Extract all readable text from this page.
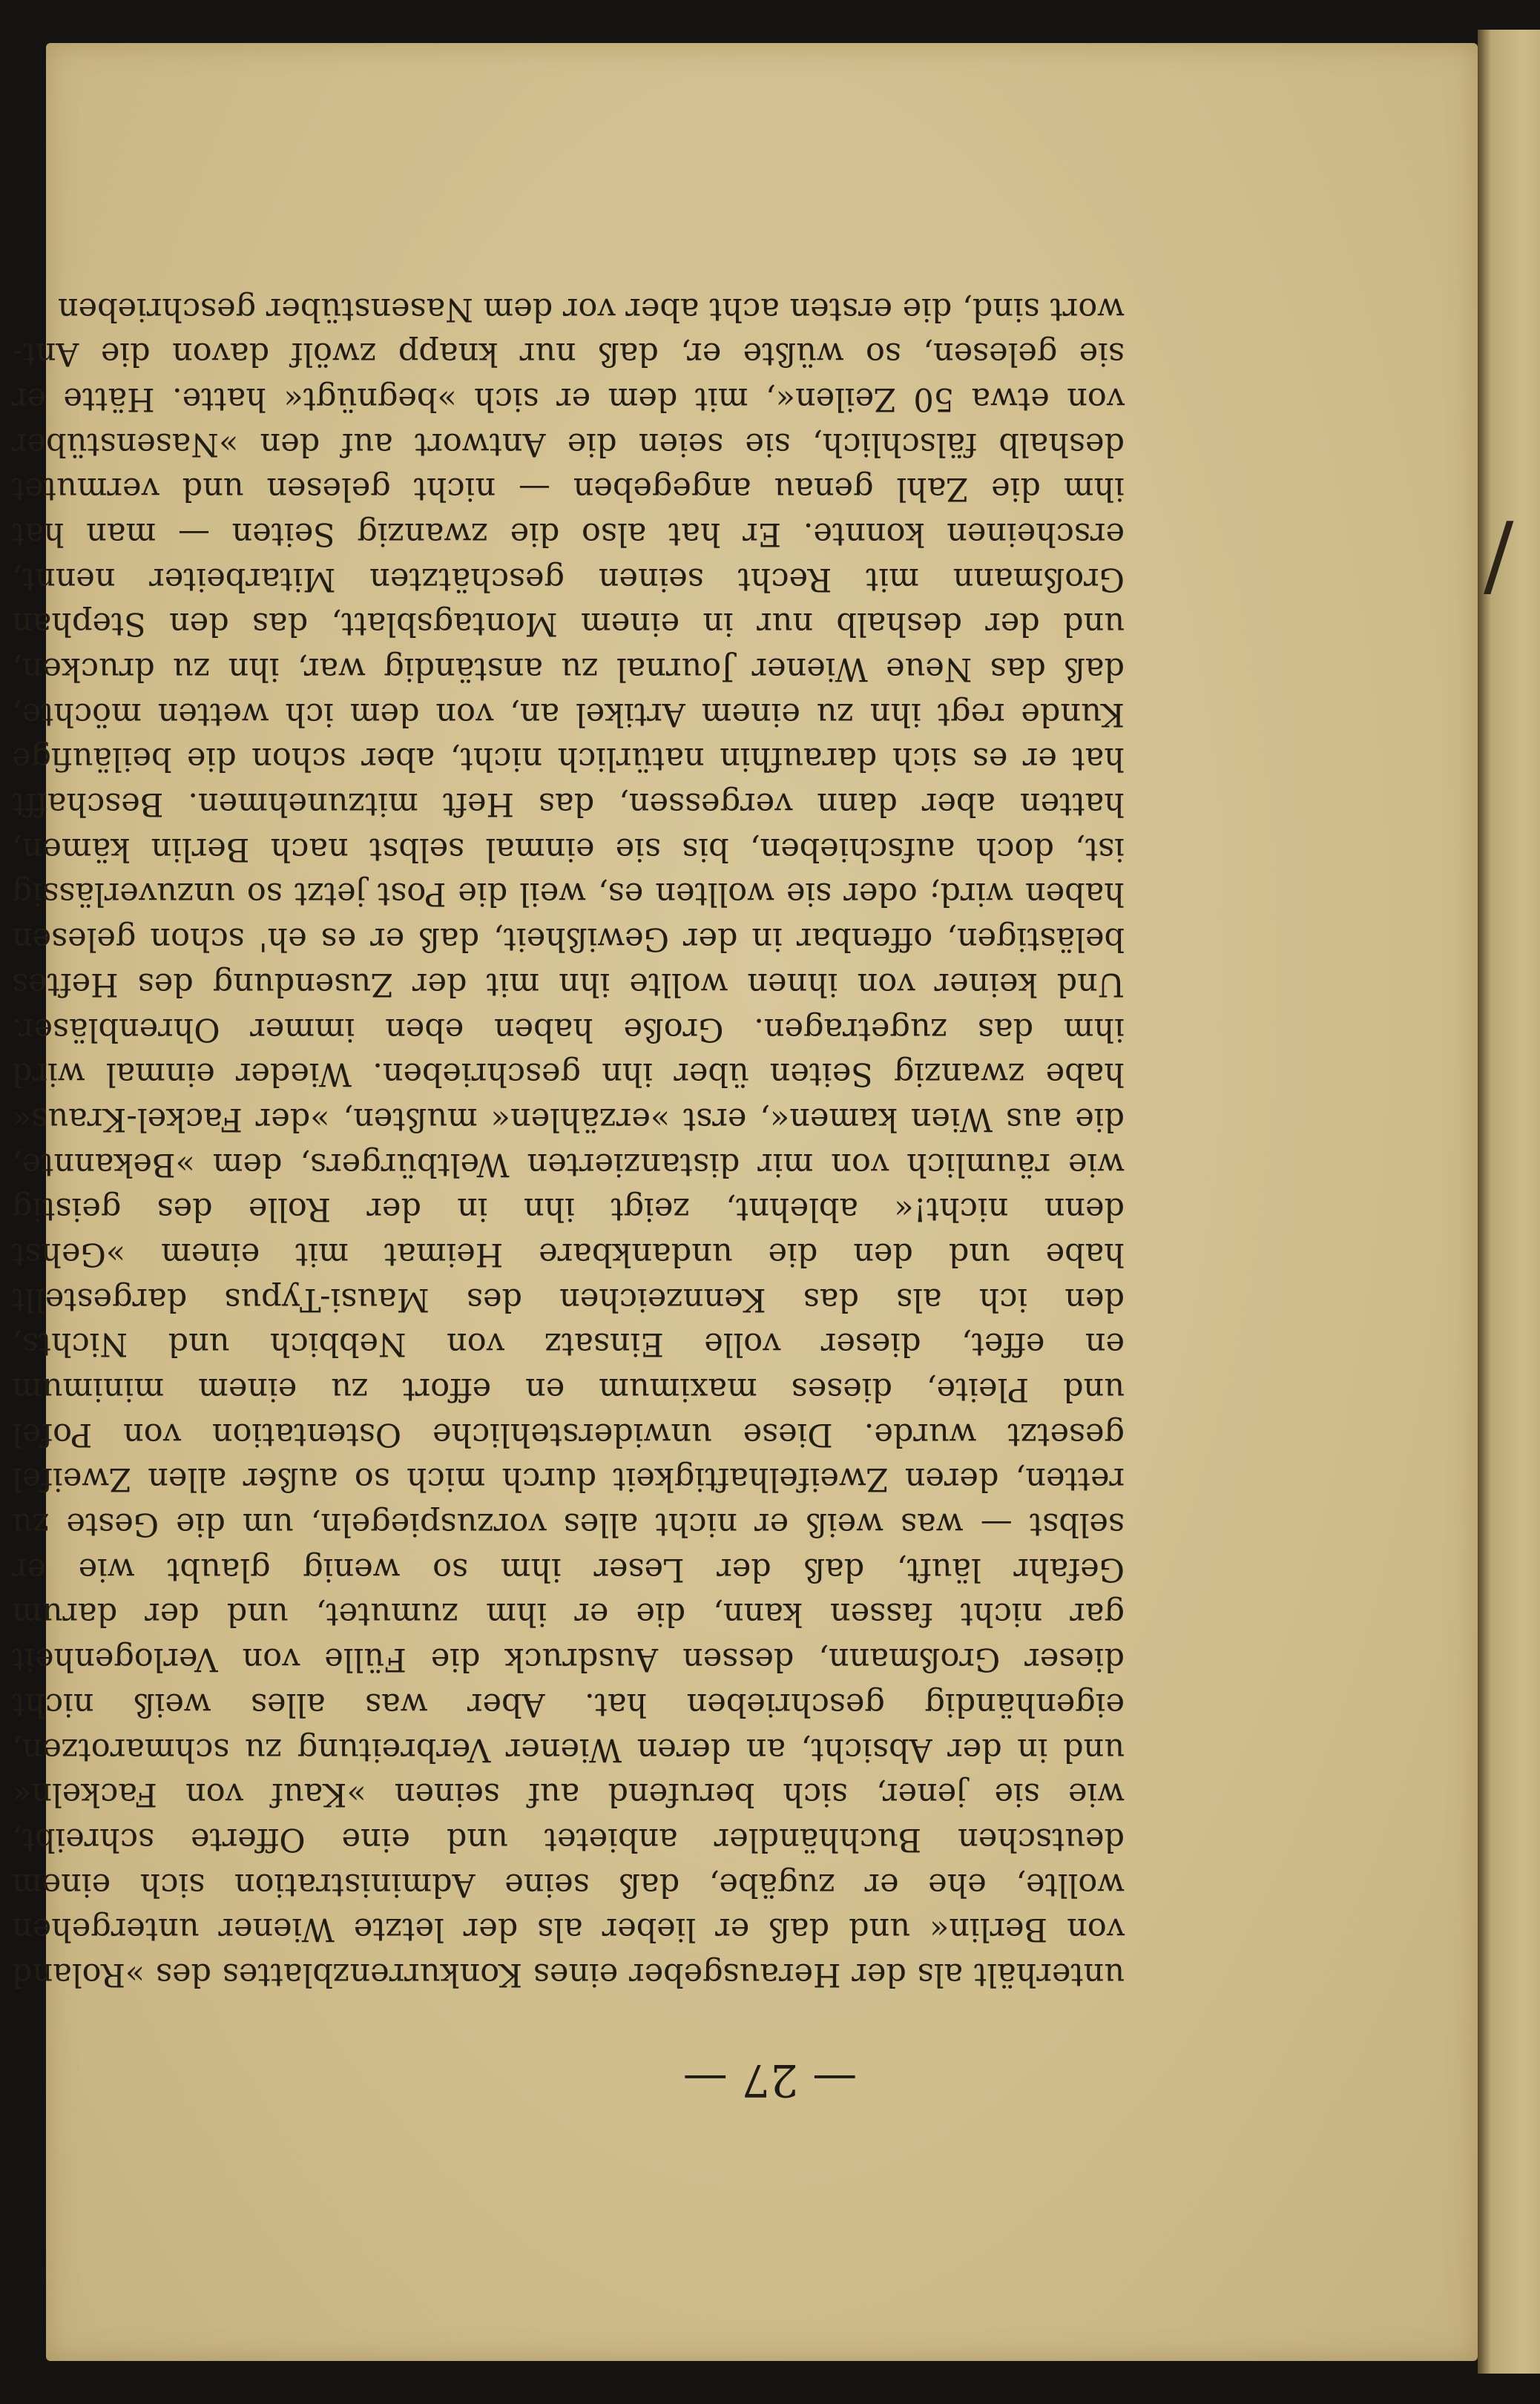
/
— 27 —
unterhält als der Herausgeber eines Konkurrenzblattes des »Roland
von Berlin« und daß er lieber als der letzte Wiener untergehen
wollte, ehe er zugäbe, daß seine Administration sich einem
deutschen Buchhändler anbietet und eine Offerte schreibt,
wie sie jener, sich berufend auf seinen »Kauf von Fackeln«
und in der Absicht, an deren Wiener Verbreitung zu schmarotzen,
eigenhändig geschrieben hat. Aber was alles weiß nicht
dieser Großmann, dessen Ausdruck die Fülle von Verlogenheit
gar nicht fassen kann, die er ihm zumutet, und der darum
Gefahr läuft, daß der Leser ihm so wenig glaubt wie er
selbst — was weiß er nicht alles vorzuspiegeln, um die Geste zu
retten, deren Zweifelhaftigkeit durch mich so außer allen Zweifel
gesetzt wurde. Diese unwiderstehliche Ostentation von Pofel
und Pleite, dieses maximum en effort zu einem minimum
en effet, dieser volle Einsatz von Nebbich und Nichts,
den ich als das Kennzeichen des Mausi-Typus dargestellt
habe und den die undankbare Heimat mit einem »Gehst
denn nicht!« ablehnt, zeigt ihn in der Rolle des geistig
wie räumlich von mir distanzierten Weltbürgers, dem »Bekannte,
die aus Wien kamen«, erst »erzählen« mußten, »der Fackel-Kraus«
habe zwanzig Seiten über ihn geschrieben. Wieder einmal wird
ihm das zugetragen. Große haben eben immer Ohrenbläser.
Und keiner von ihnen wollte ihn mit der Zusendung des Heftes
belästigen, offenbar in der Gewißheit, daß er es eh' schon gelesen
haben wird; oder sie wollten es, weil die Post jetzt so unzuverlässig
ist, doch aufschieben, bis sie einmal selbst nach Berlin kämen,
hatten aber dann vergessen, das Heft mitzunehmen. Beschafft
hat er es sich daraufhin natürlich nicht, aber schon die beiläufige
Kunde regt ihn zu einem Artikel an, von dem ich wetten möchte,
daß das Neue Wiener Journal zu anständig war, ihn zu drucken,
und der deshalb nur in einem Montagsblatt, das den Stephan
Großmann mit Recht seinen geschätzten Mitarbeiter nennt,
erscheinen konnte. Er hat also die zwanzig Seiten — man hat
ihm die Zahl genau angegeben — nicht gelesen und vermutet
deshalb fälschlich, sie seien die Antwort auf den »Nasenstüber
von etwa 50 Zeilen«, mit dem er sich »begnügt« hatte. Hätte er
sie gelesen, so wüßte er, daß nur knapp zwölf davon die Ant-
wort sind, die ersten acht aber vor dem Nasenstüber geschrieben
